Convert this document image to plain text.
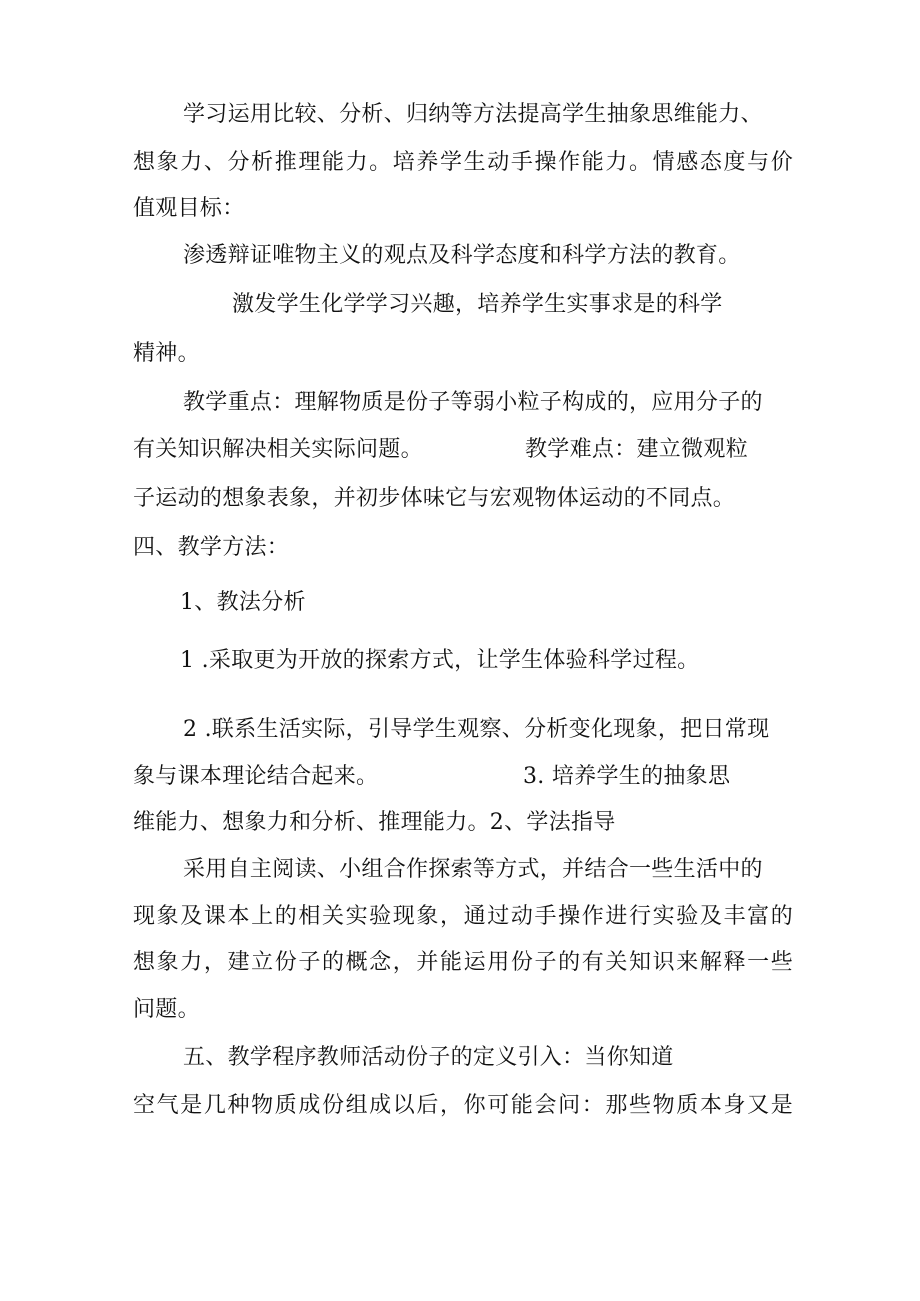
学习运用比较、分析、归纳等方法提高学生抽象思维能力、
想象力、分析推理能力。培养学生动手操作能力。情感态度与价
值观目标：
渗透辩证唯物主义的观点及科学态度和科学方法的教育。
激发学生化学学习兴趣，培养学生实事求是的科学
精神。
教学重点：理解物质是份子等弱小粒子构成的，应用分子的
有关知识解决相关实际问题。	教学难点：建立微观粒
子运动的想象表象，并初步体味它与宏观物体运动的不同点。
四、教学方法：
1、教法分析
1 .采取更为开放的探索方式，让学生体验科学过程。
2 .联系生活实际，引导学生观察、分析变化现象，把日常现
象与课本理论结合起来。	3. 培养学生的抽象思
维能力、想象力和分析、推理能力。2、学法指导
采用自主阅读、小组合作探索等方式，并结合一些生活中的
现象及课本上的相关实验现象，通过动手操作进行实验及丰富的
想象力，建立份子的概念，并能运用份子的有关知识来解释一些
问题。
五、教学程序教师活动份子的定义引入：当你知道
空气是几种物质成份组成以后，你可能会问：那些物质本身又是
